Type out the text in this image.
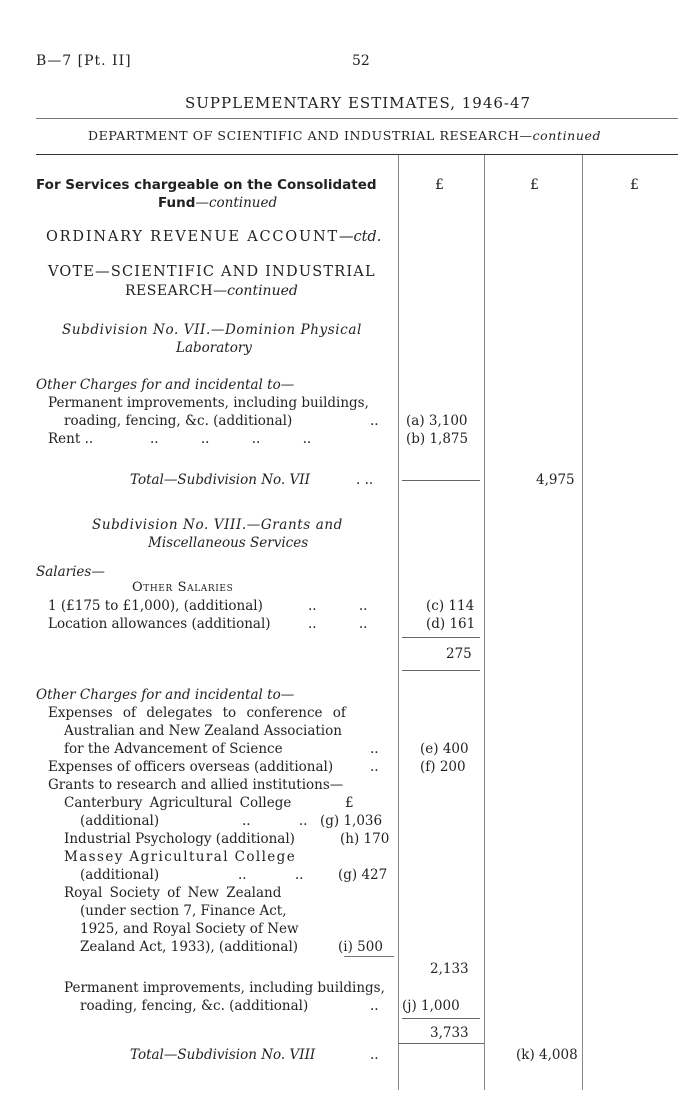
B—7 [Pt. II]	52
SUPPLEMENTARY ESTIMATES, 1946-47
DEPARTMENT OF SCIENTIFIC AND INDUSTRIAL RESEARCH—continued
£	£	£
For Services chargeable on the Consolidated
Fund—continued
ORDINARY REVENUE ACCOUNT—ctd.
VOTE—SCIENTIFIC AND INDUSTRIAL
RESEARCH—continued
Subdivision No. VII.—Dominion Physical
Laboratory
Other Charges for and incidental to—
Permanent improvements, including buildings,
roading, fencing, &c. (additional)	.. (a) 3,100
Rent ..	.. .. .. ..	(b) 1,875
Total—Subdivision No. VII	. ..	4,975
Subdivision No. VIII.—Grants and
Miscellaneous Services
Salaries—
Other Salaries
1 (£175 to £1,000), (additional)	.. ..	(c) 114
Location allowances (additional)	.. ..	(d) 161
275
Other Charges for and incidental to—
Expenses of delegates to conference of
Australian and New Zealand Association
for the Advancement of Science	..	(e) 400
Expenses of officers overseas (additional)	..	(f) 200
Grants to research and allied institutions—
Canterbury Agricultural College	£
(additional)	.. .. (g) 1,036
Industrial Psychology (additional)	(h) 170
Massey Agricultural College
(additional)	.. ..	(g) 427
Royal Society of New Zealand
(under section 7, Finance Act,
1925, and Royal Society of New
Zealand Act, 1933), (additional)	(i) 500
2,133
Permanent improvements, including buildings,
roading, fencing, &c. (additional)	.. (j) 1,000
3,733
Total—Subdivision No. VIII	..	(k) 4,008
